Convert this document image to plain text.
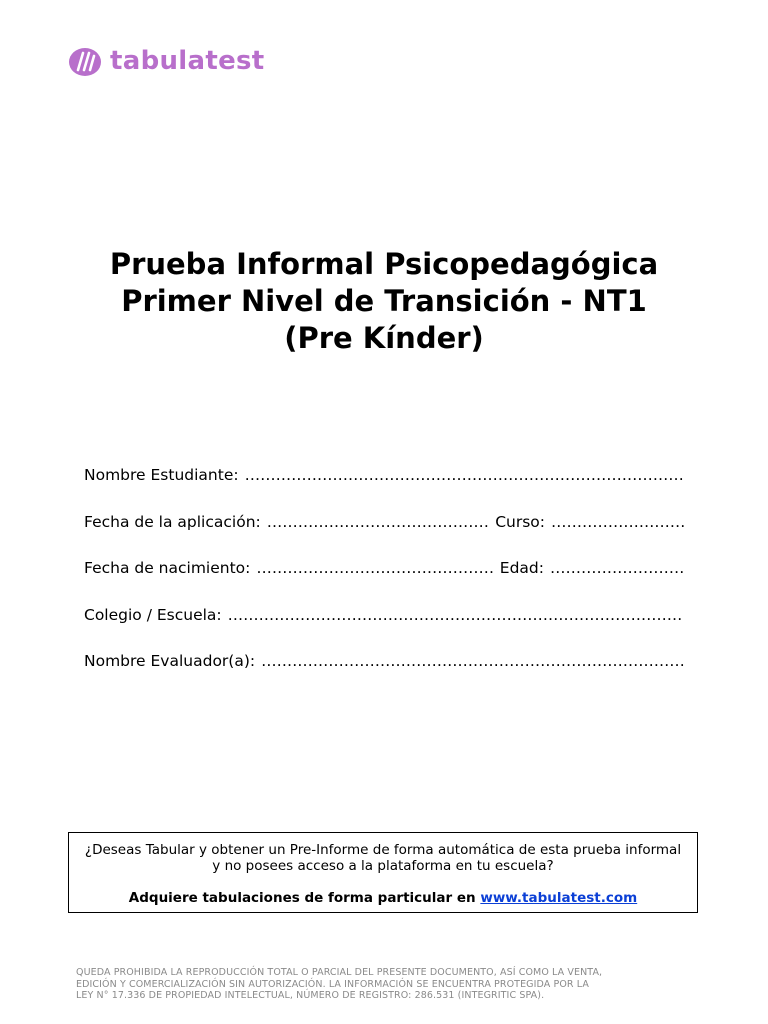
tabulatest
Prueba Informal Psicopedagógica
Primer Nivel de Transición - NT1
(Pre Kínder)
Nombre Estudiante:
………………………………………………………………………………………………………………………………………………
Fecha de la aplicación: ………………………………………………………………………………………………………………………………………………	Curso:
………………………………………………………………………………………………………………………………………………
Fecha de nacimiento: ………………………………………………………………………………………………………………………………………………	Edad:
………………………………………………………………………………………………………………………………………………
Colegio / Escuela:
………………………………………………………………………………………………………………………………………………
Nombre Evaluador(a):
………………………………………………………………………………………………………………………………………………
¿Deseas Tabular y obtener un Pre-Informe de forma automática de esta prueba informal y no posees acceso a la plataforma en tu escuela?
Adquiere tabulaciones de forma particular en www.tabulatest.com
QUEDA PROHIBIDA LA REPRODUCCIÓN TOTAL O PARCIAL DEL PRESENTE DOCUMENTO, ASÍ COMO LA VENTA,
EDICIÓN Y COMERCIALIZACIÓN SIN AUTORIZACIÓN. LA INFORMACIÓN SE ENCUENTRA PROTEGIDA POR LA
LEY N° 17.336 DE PROPIEDAD INTELECTUAL, NÚMERO DE REGISTRO: 286.531 (INTEGRITIC SPA).
